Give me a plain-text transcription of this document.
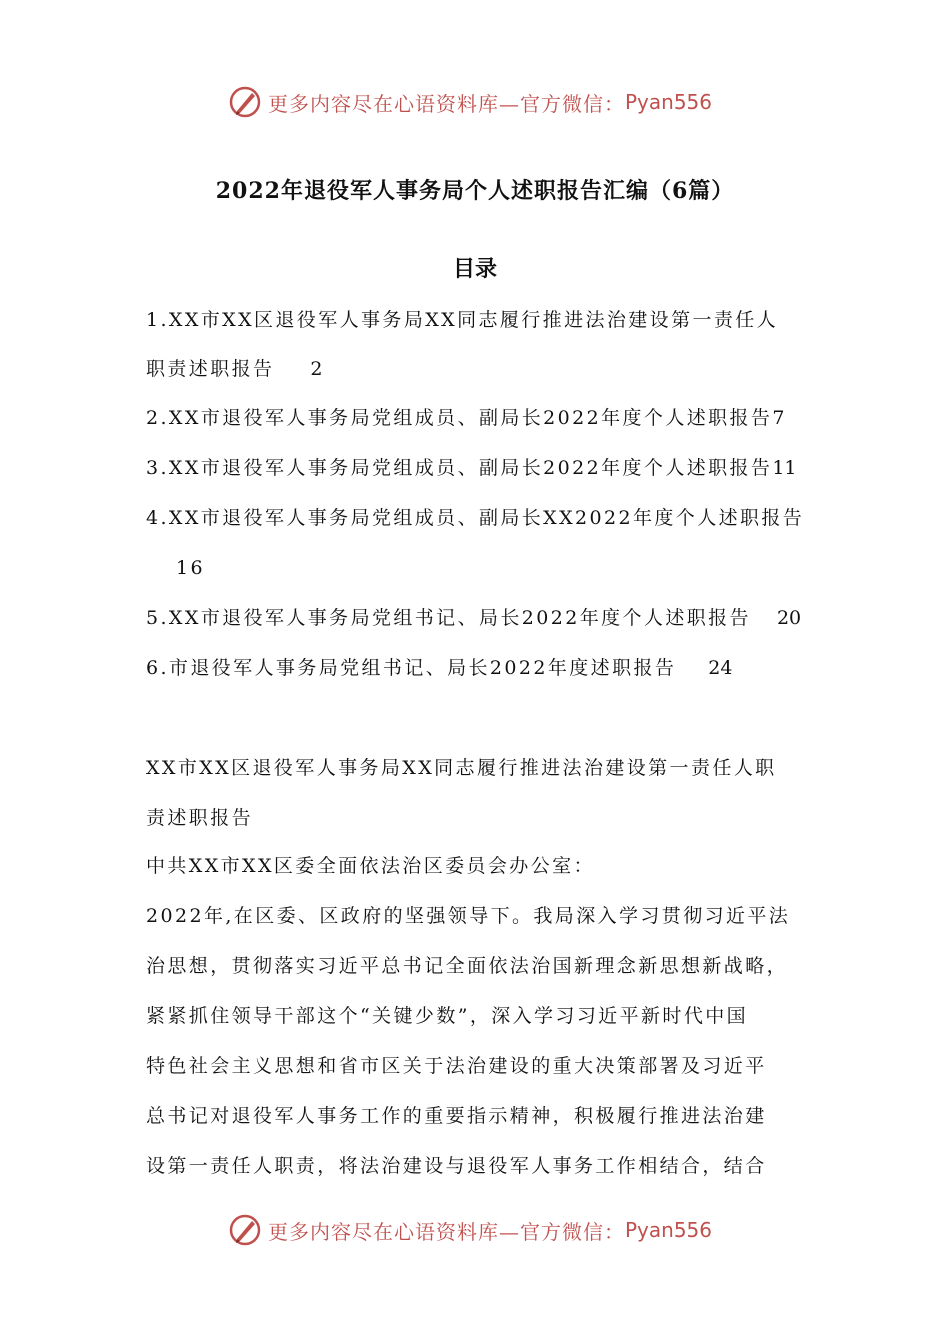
更多内容尽在心语资料库—官方微信： Pyan556
2022年退役军人事务局个人述职报告汇编（6篇）
目录
1.XX市XX区退役军人事务局XX同志履行推进法治建设第一责任人
职责述职报告 2
2.XX市退役军人事务局党组成员、副局长2022年度个人述职报告7
3.XX市退役军人事务局党组成员、副局长2022年度个人述职报告11
4.XX市退役军人事务局党组成员、副局长XX2022年度个人述职报告
16
5.XX市退役军人事务局党组书记、局长2022年度个人述职报告 20
6.市退役军人事务局党组书记、局长2022年度述职报告 24
XX市XX区退役军人事务局XX同志履行推进法治建设第一责任人职
责述职报告
中共XX市XX区委全面依法治区委员会办公室：
2022年,在区委、区政府的坚强领导下。我局深入学习贯彻习近平法
治思想，贯彻落实习近平总书记全面依法治国新理念新思想新战略，
紧紧抓住领导干部这个“关键少数”，深入学习习近平新时代中国
特色社会主义思想和省市区关于法治建设的重大决策部署及习近平
总书记对退役军人事务工作的重要指示精神，积极履行推进法治建
设第一责任人职责，将法治建设与退役军人事务工作相结合，结合
更多内容尽在心语资料库—官方微信： Pyan556
